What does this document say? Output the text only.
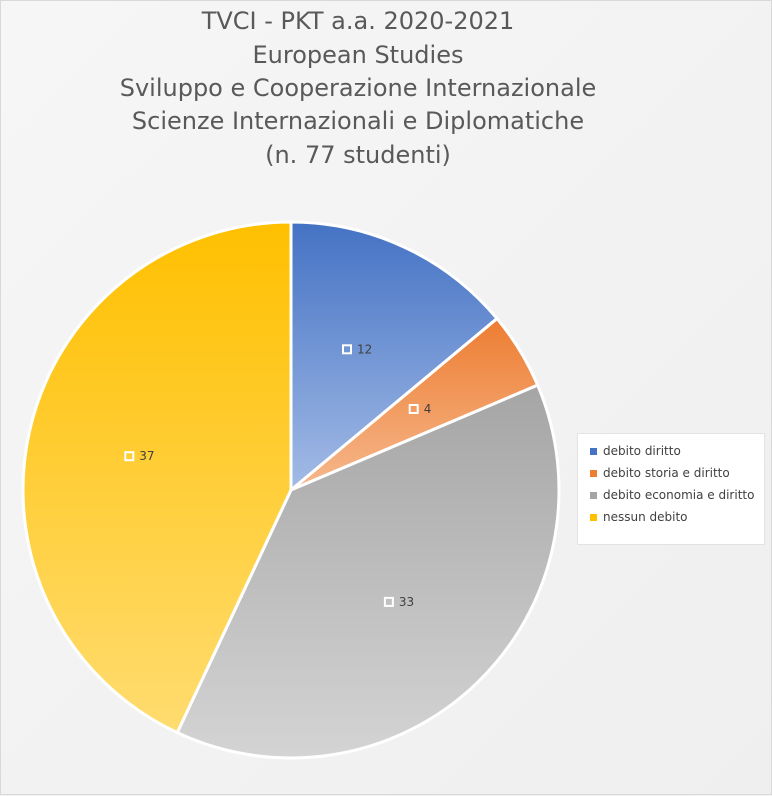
TVCI - PKT a.a. 2020-2021
European Studies
Sviluppo e Cooperazione Internazionale
Scienze Internazionali e Diplomatiche
(n. 77 studenti)
12
4
33
37	debito diritto
debito storia e diritto
debito economia e diritto
nessun debito
